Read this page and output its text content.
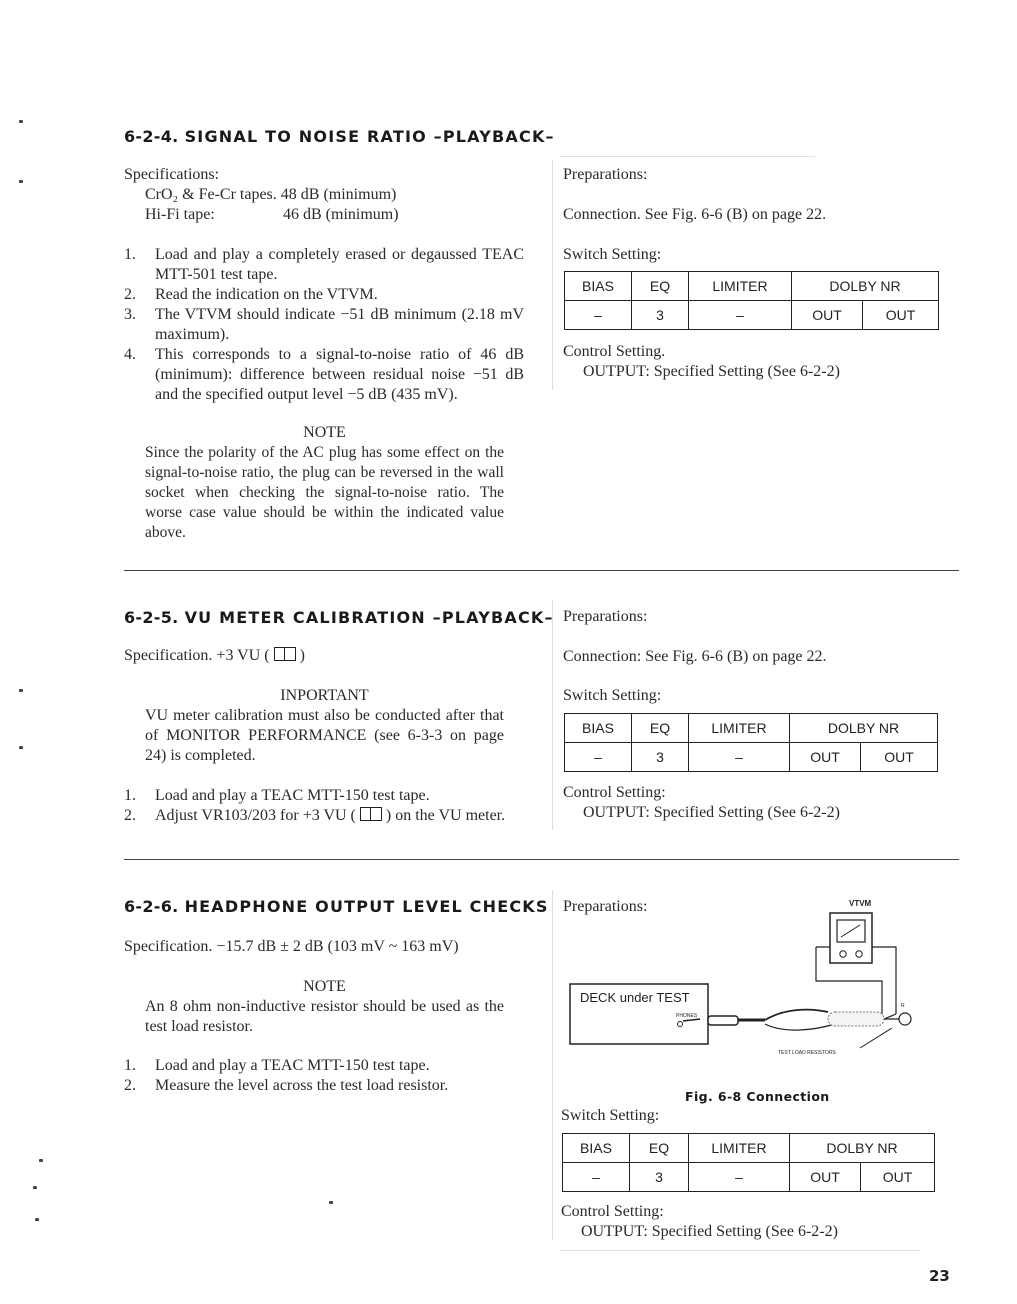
6-2-4. SIGNAL TO NOISE RATIO –PLAYBACK–
Specifications:
CrO₂ & Fe-Cr tapes. 48 dB (minimum)
Hi-Fi tape:	46 dB (minimum)
1. Load and play a completely erased or degaussed TEAC MTT-501 test tape.
2. Read the indication on the VTVM.
3. The VTVM should indicate −51 dB minimum (2.18 mV maximum).
4. This corresponds to a signal-to-noise ratio of 46 dB (minimum): difference between residual noise −51 dB and the specified output level −5 dB (435 mV).
NOTE
Since the polarity of the AC plug has some effect on the signal-to-noise ratio, the plug can be reversed in the wall socket when checking the signal-to-noise ratio. The worse case value should be within the indicated value above.
Preparations:
Connection. See Fig. 6-6 (B) on page 22.
Switch Setting:
BIAS	EQ	LIMITER	DOLBY NR	
–	3	–	OUT	OUT
Control Setting.
OUTPUT: Specified Setting (See 6-2-2)
6-2-5. VU METER CALIBRATION –PLAYBACK–
Specification. +3 VU ( )
INPORTANT
VU meter calibration must also be conducted after that of MONITOR PERFORMANCE (see 6-3-3 on page 24) is completed.
1. Load and play a TEAC MTT-150 test tape.
2. Adjust VR103/203 for +3 VU ( ) on the VU meter.
Preparations:
Connection: See Fig. 6-6 (B) on page 22.
Switch Setting:
BIAS	EQ	LIMITER	DOLBY NR	
–	3	–	OUT	OUT
Control Setting:
OUTPUT: Specified Setting (See 6-2-2)
6-2-6. HEADPHONE OUTPUT LEVEL CHECKS
Specification. −15.7 dB ± 2 dB (103 mV ~ 163 mV)
NOTE
An 8 ohm non-inductive resistor should be used as the test load resistor.
1. Load and play a TEAC MTT-150 test tape.
2. Measure the level across the test load resistor.
Preparations:	VTVM
DECK under TEST
PHONES
R
TEST LOAD RESISTORS
Fig. 6-8 Connection
Switch Setting:
BIAS	EQ	LIMITER	DOLBY NR	
–	3	–	OUT	OUT
Control Setting:
OUTPUT: Specified Setting (See 6-2-2)
23
